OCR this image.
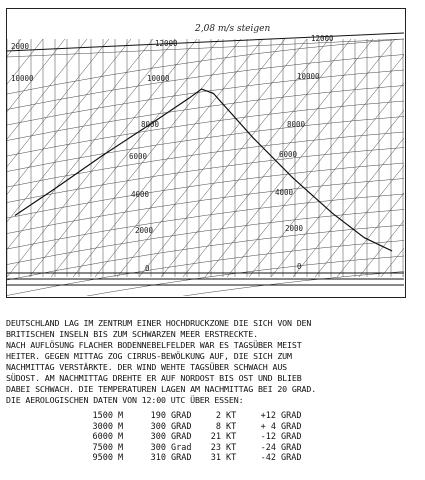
2000	12000
12000
10000	10000	10000
8000	8000
6000	6000
4000	4000
2000	2000
0	0
2,08 m/s steigen

DEUTSCHLAND LAG IM ZENTRUM EINER HOCHDRUCKZONE DIE SICH VON DEN

BRITISCHEN INSELN BIS ZUM SCHWARZEN MEER ERSTRECKTE.

NACH AUFLÖSUNG FLACHER BODENNEBELFELDER WAR ES TAGSÜBER MEIST

HEITER. GEGEN MITTAG ZOG CIRRUS-BEWÖLKUNG AUF, DIE SICH ZUM

NACHMITTAG VERSTÄRKTE. DER WIND WEHTE TAGSÜBER SCHWACH AUS

SÜDOST. AM NACHMITTAG DREHTE ER AUF NORDOST BIS OST UND BLIEB

DABEI SCHWACH. DIE TEMPERATUREN LAGEN AM NACHMITTAG BEI 20 GRAD.

DIE AEROLOGISCHEN DATEN VON 12:00 UTC ÜBER ESSEN:

1500	M	190	GRAD	2	KT	+12	GRAD
3000	M	300	GRAD	8	KT	+ 4	GRAD
6000	M	300	GRAD	21	KT	-12	GRAD
7500	M	300	Grad	23	KT	-24	GRAD
9500	M	310	GRAD	31	KT	-42	GRAD
